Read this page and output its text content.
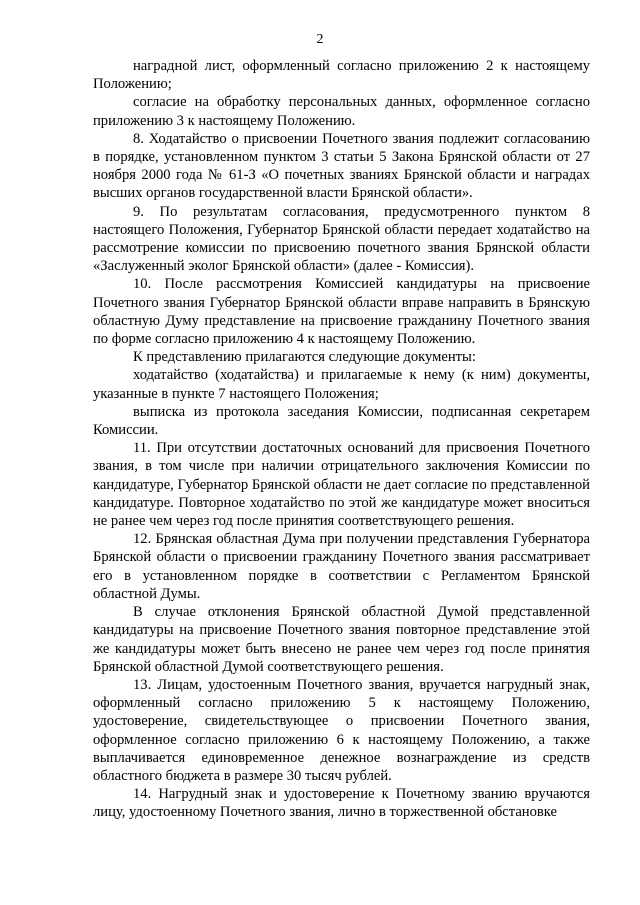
2

наградной лист, оформленный согласно приложению 2 к настоящему Положению;

согласие на обработку персональных данных, оформленное согласно приложению 3 к настоящему Положению.

8. Ходатайство о присвоении Почетного звания подлежит согласованию в порядке, установленном пунктом 3 статьи 5 Закона Брянской области от 27 ноября 2000 года № 61-З «О почетных званиях Брянской области и наградах высших органов государственной власти Брянской области».

9. По результатам согласования, предусмотренного пунктом 8 настоящего Положения, Губернатор Брянской области передает ходатайство на рассмотрение комиссии по присвоению почетного звания Брянской области «Заслуженный эколог Брянской области» (далее - Комиссия).

10. После рассмотрения Комиссией кандидатуры на присвоение Почетного звания Губернатор Брянской области вправе направить в Брянскую областную Думу представление на присвоение гражданину Почетного звания по форме согласно приложению 4 к настоящему Положению.

К представлению прилагаются следующие документы:

ходатайство (ходатайства) и прилагаемые к нему (к ним) документы, указанные в пункте 7 настоящего Положения;

выписка из протокола заседания Комиссии, подписанная секретарем Комиссии.

11. При отсутствии достаточных оснований для присвоения Почетного звания, в том числе при наличии отрицательного заключения Комиссии по кандидатуре, Губернатор Брянской области не дает согласие по представленной кандидатуре. Повторное ходатайство по этой же кандидатуре может вноситься не ранее чем через год после принятия соответствующего решения.

12. Брянская областная Дума при получении представления Губернатора Брянской области о присвоении гражданину Почетного звания рассматривает его в установленном порядке в соответствии с Регламентом Брянской областной Думы.

В случае отклонения Брянской областной Думой представленной кандидатуры на присвоение Почетного звания повторное представление этой же кандидатуры может быть внесено не ранее чем через год после принятия Брянской областной Думой соответствующего решения.

13. Лицам, удостоенным Почетного звания, вручается нагрудный знак, оформленный согласно приложению 5 к настоящему Положению, удостоверение, свидетельствующее о присвоении Почетного звания, оформленное согласно приложению 6 к настоящему Положению, а также выплачивается единовременное денежное вознаграждение из средств областного бюджета в размере 30 тысяч рублей.

14. Нагрудный знак и удостоверение к Почетному званию вручаются лицу, удостоенному Почетного звания, лично в торжественной обстановке
